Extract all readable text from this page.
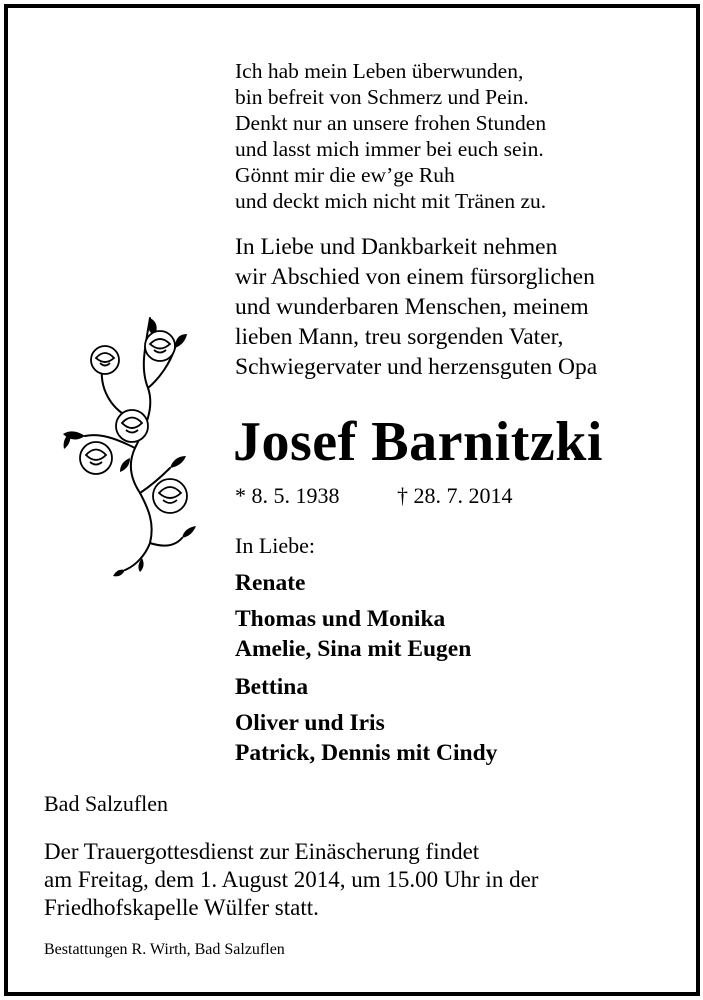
Ich hab mein Leben überwunden,
bin befreit von Schmerz und Pein.
Denkt nur an unsere frohen Stunden
und lasst mich immer bei euch sein.
Gönnt mir die ew’ge Ruh
und deckt mich nicht mit Tränen zu.
In Liebe und Dankbarkeit nehmen
wir Abschied von einem fürsorglichen
und wunderbaren Menschen, meinem
lieben Mann, treu sorgenden Vater,
Schwiegervater und herzensguten Opa
Josef Barnitzki
* 8. 5. 1938	† 28. 7. 2014
In Liebe:
Renate
Thomas und Monika
Amelie, Sina mit Eugen
Bettina
Oliver und Iris
Patrick, Dennis mit Cindy
Bad Salzuflen
Der Trauergottesdienst zur Einäscherung findet
am Freitag, dem 1. August 2014, um 15.00 Uhr in der
Friedhofskapelle Wülfer statt.
Bestattungen R. Wirth, Bad Salzuflen
